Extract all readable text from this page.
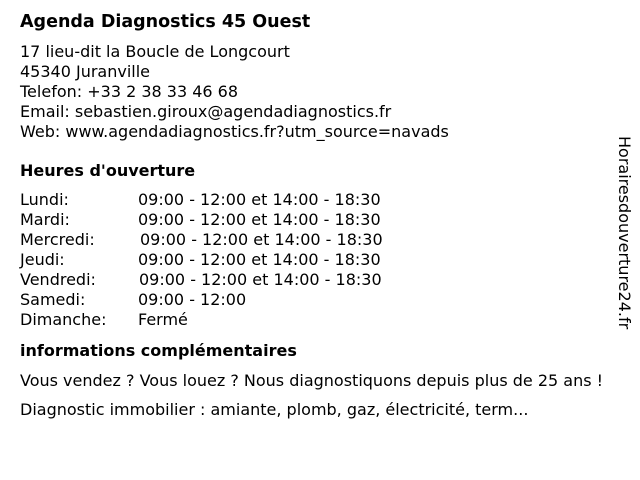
Agenda Diagnostics 45 Ouest
17 lieu-dit la Boucle de Longcourt
45340 Juranville
Telefon: +33 2 38 33 46 68
Email: sebastien.giroux@agendadiagnostics.fr
Web: www.agendadiagnostics.fr?utm_source=navads
Heures d'ouverture
Lundi:	09:00 - 12:00 et 14:00 - 18:30
Mardi:	09:00 - 12:00 et 14:00 - 18:30
Mercredi:	09:00 - 12:00 et 14:00 - 18:30
Jeudi:	09:00 - 12:00 et 14:00 - 18:30
Vendredi:	09:00 - 12:00 et 14:00 - 18:30
Samedi:	09:00 - 12:00
Dimanche:	Fermé
informations complémentaires
Vous vendez ? Vous louez ? Nous diagnostiquons depuis plus de 25 ans !
Diagnostic immobilier : amiante, plomb, gaz, électricité, term...
Horairesdouverture24.fr
